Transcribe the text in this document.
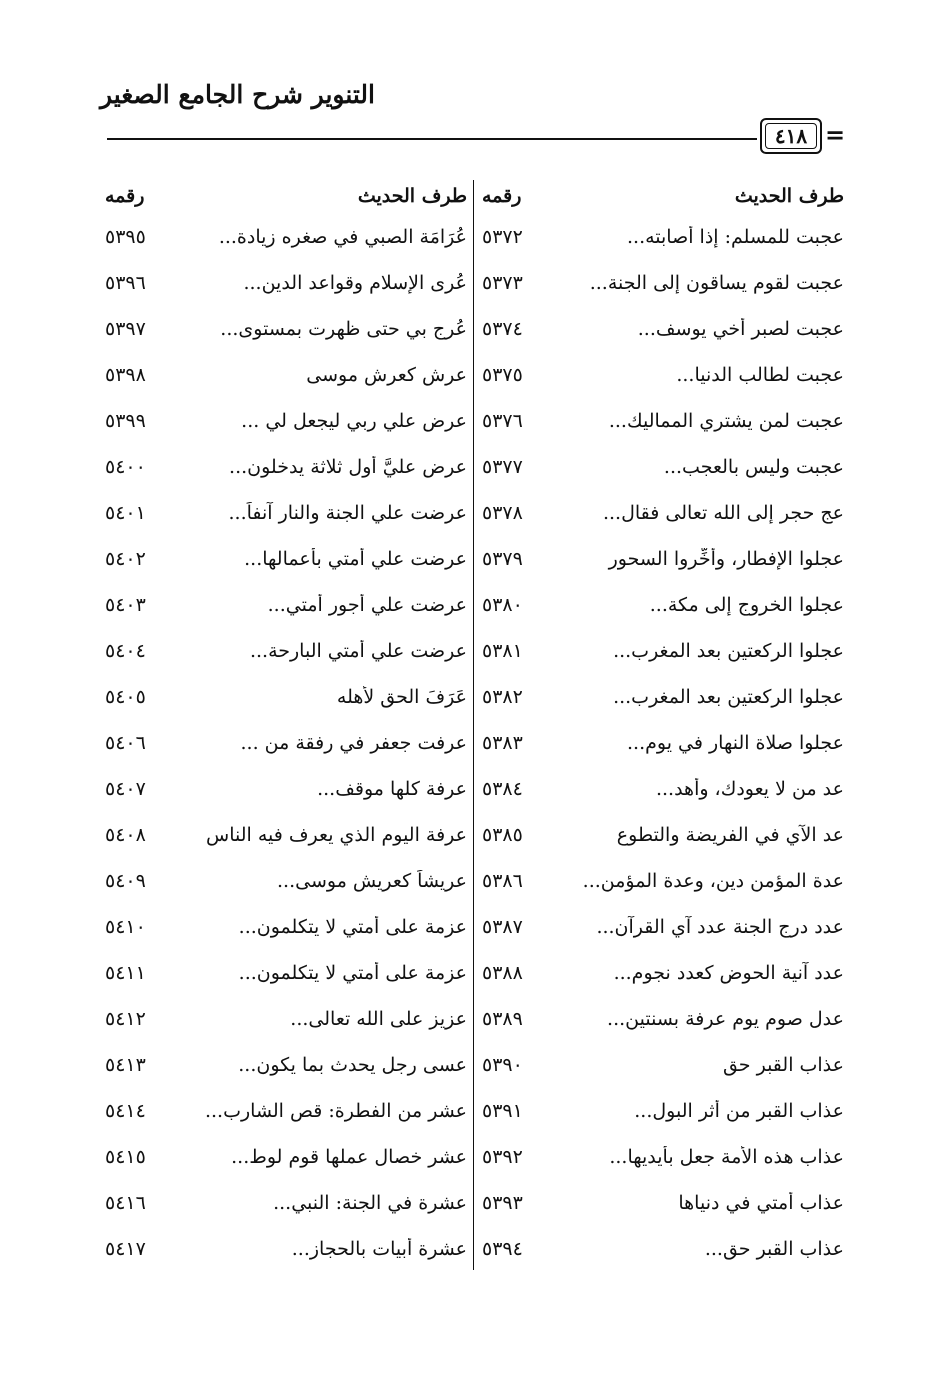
التنوير شرح الجامع الصغير
٤١٨ =
طرف الحديث
رقمه
عجبت للمسلم: إذا أصابته...
٥٣٧٢
عجبت لقوم يساقون إلى الجنة...
٥٣٧٣
عجبت لصبر أخي يوسف...
٥٣٧٤
عجبت لطالب الدنيا...
٥٣٧٥
عجبت لمن يشتري المماليك...
٥٣٧٦
عجبت وليس بالعجب...
٥٣٧٧
عج حجر إلى الله تعالى فقال...
٥٣٧٨
عجلوا الإفطار، وأخِّروا السحور
٥٣٧٩
عجلوا الخروج إلى مكة...
٥٣٨٠
عجلوا الركعتين بعد المغرب...
٥٣٨١
عجلوا الركعتين بعد المغرب...
٥٣٨٢
عجلوا صلاة النهار في يوم...
٥٣٨٣
عد من لا يعودك، وأهد...
٥٣٨٤
عد الآي في الفريضة والتطوع
٥٣٨٥
عدة المؤمن دين، وعدة المؤمن...
٥٣٨٦
عدد درج الجنة عدد آي القرآن...
٥٣٨٧
عدد آنية الحوض كعدد نجوم...
٥٣٨٨
عدل صوم يوم عرفة بسنتين...
٥٣٨٩
عذاب القبر حق
٥٣٩٠
عذاب القبر من أثر البول...
٥٣٩١
عذاب هذه الأمة جعل بأيديها...
٥٣٩٢
عذاب أمتي في دنياها
٥٣٩٣
عذاب القبر حق...
٥٣٩٤
طرف الحديث
رقمه
عُرَامَة الصبي في صغره زيادة...
٥٣٩٥
عُرى الإسلام وقواعد الدين...
٥٣٩٦
عُرج بي حتى ظهرت بمستوى...
٥٣٩٧
عرش كعرش موسى
٥٣٩٨
عرض علي ربي ليجعل لي ...
٥٣٩٩
عرض عليَّ أول ثلاثة يدخلون...
٥٤٠٠
عرضت علي الجنة والنار آنفاً...
٥٤٠١
عرضت علي أمتي بأعمالها...
٥٤٠٢
عرضت علي أجور أمتي...
٥٤٠٣
عرضت علي أمتي البارحة...
٥٤٠٤
عَرَفَ الحق لأهله
٥٤٠٥
عرفت جعفر في رفقة من ...
٥٤٠٦
عرفة كلها موقف...
٥٤٠٧
عرفة اليوم الذي يعرف فيه الناس
٥٤٠٨
عريشاً كعريش موسى...
٥٤٠٩
عزمة على أمتي لا يتكلمون...
٥٤١٠
عزمة على أمتي لا يتكلمون...
٥٤١١
عزيز على الله تعالى...
٥٤١٢
عسى رجل يحدث بما يكون...
٥٤١٣
عشر من الفطرة: قص الشارب...
٥٤١٤
عشر خصال عملها قوم لوط...
٥٤١٥
عشرة في الجنة: النبي...
٥٤١٦
عشرة أبيات بالحجاز...
٥٤١٧
